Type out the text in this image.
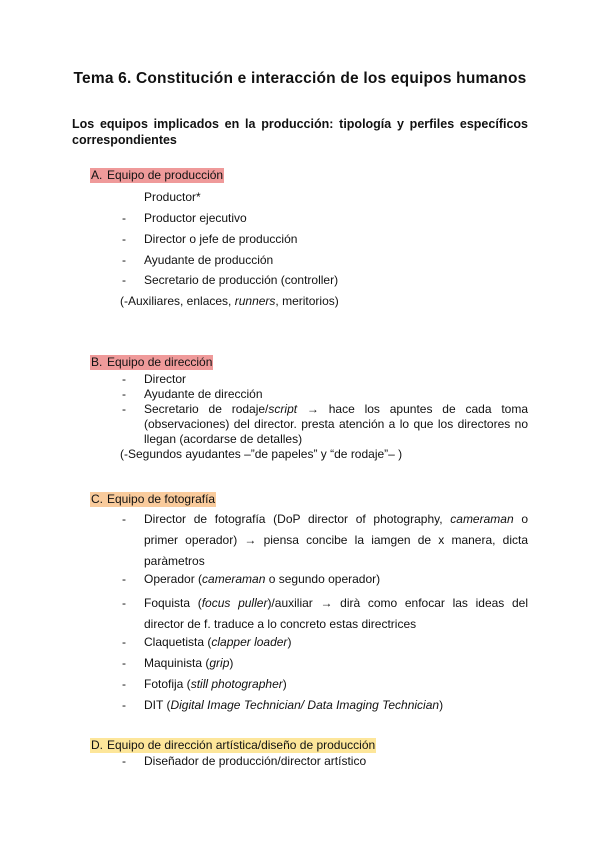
Tema 6. Constitución e interacción de los equipos humanos
Los equipos implicados en la producción: tipología y perfiles específicos
correspondientes
A. Equipo de producción
Productor*
- Productor ejecutivo
- Director o jefe de producción
- Ayudante de producción
- Secretario de producción (controller)
(-Auxiliares, enlaces, runners, meritorios)
B. Equipo de dirección
- Director
- Ayudante de dirección
- Secretario de rodaje/script → hace los apuntes de cada toma
(observaciones) del director. presta atención a lo que los directores no
llegan (acordarse de detalles)
(-Segundos ayudantes –”de papeles” y “de rodaje”– )
C. Equipo de fotografía
- Director de fotografía (DoP director of photography, cameraman o
primer operador) → piensa concibe la iamgen de x manera, dicta
paràmetros
- Operador (cameraman o segundo operador)
- Foquista (focus puller)/auxiliar → dirà como enfocar las ideas del
director de f. traduce a lo concreto estas directrices
- Claquetista (clapper loader)
- Maquinista (grip)
- Fotofija (still photographer)
- DIT (Digital Image Technician/ Data Imaging Technician)
D. Equipo de dirección artística/diseño de producción
- Diseñador de producción/director artístico
